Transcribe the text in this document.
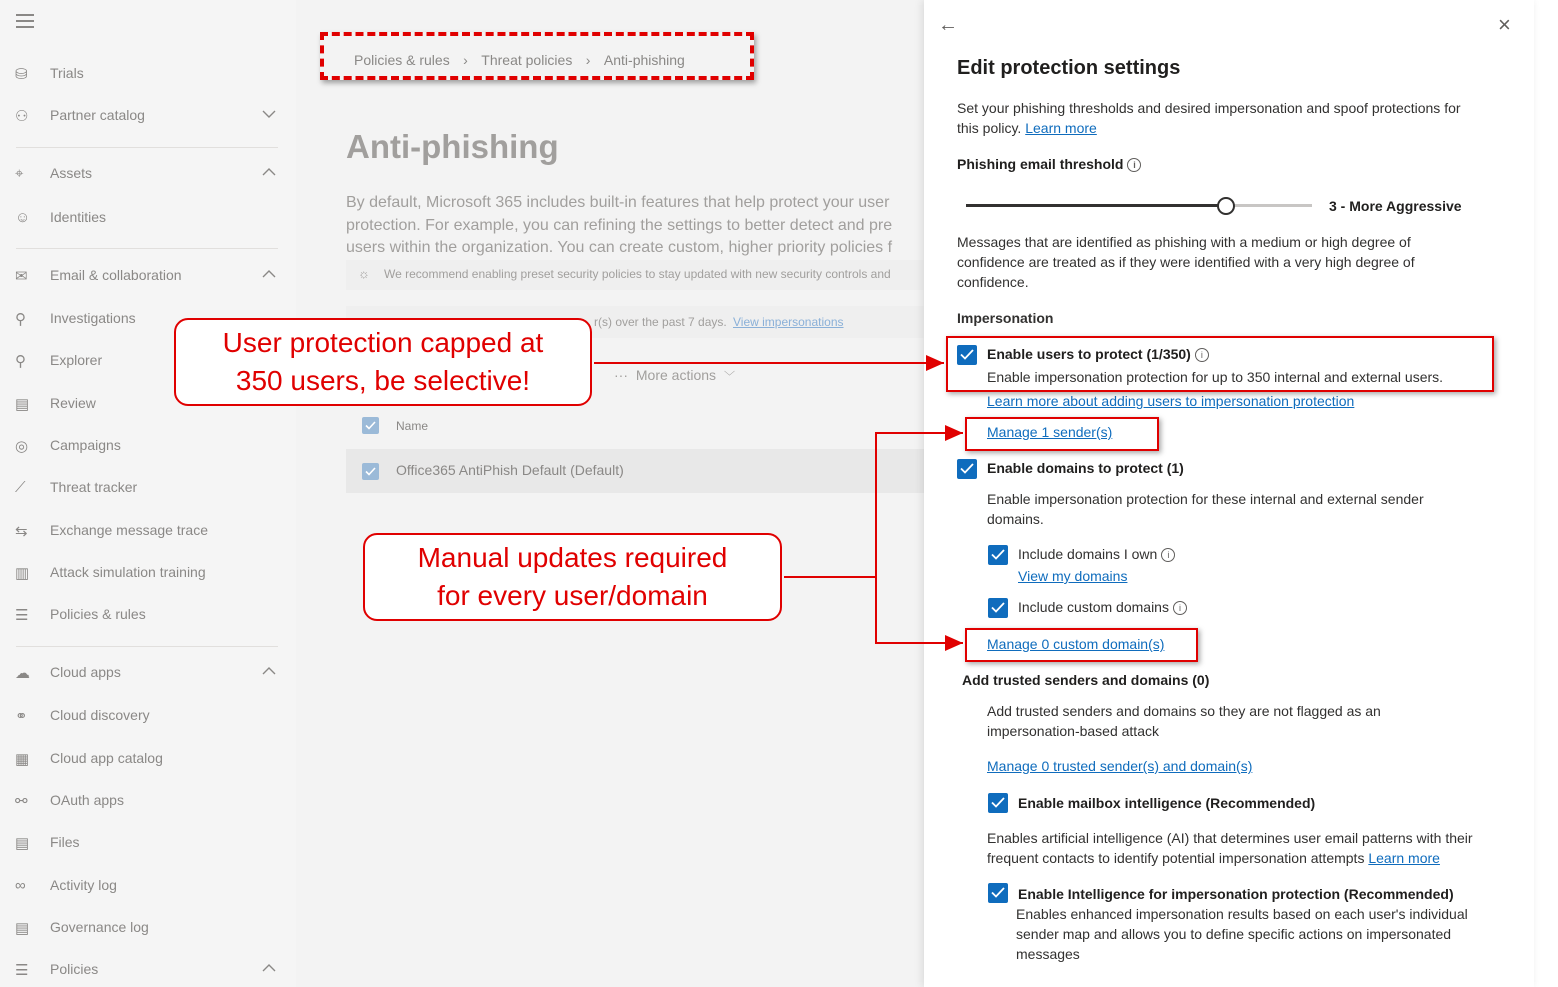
⛁	Trials
⚇	Partner catalog
⌖	Assets
☺	Identities
✉	Email & collaboration
⚲	Investigations
⚲	Explorer
▤	Review
◎	Campaigns
⟋	Threat tracker
⇆	Exchange message trace
▥	Attack simulation training
☰	Policies & rules
☁	Cloud apps
⚭	Cloud discovery
▦	Cloud app catalog
⚯	OAuth apps
▤	Files
∞	Activity log
▤	Governance log
☰	Policies
Policies & rules › Threat policies › Anti-phishing
Anti-phishing
By default, Microsoft 365 includes built-in features that help protect your user
protection. For example, you can refining the settings to better detect and pre
users within the organization. You can create custom, higher priority policies f
☼ We recommend enabling preset security policies to stay updated with new security controls and
r(s) over the past 7 days. View impersonations
··· More actions ﹀
Name
Office365 AntiPhish Default (Default)
←	×
Edit protection settings
Set your phishing thresholds and desired impersonation and spoof protections for
this policy. Learn more
Phishing email threshold i
3 - More Aggressive
Messages that are identified as phishing with a medium or high degree of
confidence are treated as if they were identified with a very high degree of
confidence.
Impersonation
Enable users to protect (1/350) i
Enable impersonation protection for up to 350 internal and external users.
Learn more about adding users to impersonation protection
Manage 1 sender(s)
Enable domains to protect (1)
Enable impersonation protection for these internal and external sender
domains.
Include domains I own i
View my domains
Include custom domains i
Manage 0 custom domain(s)
Add trusted senders and domains (0)
Add trusted senders and domains so they are not flagged as an
impersonation-based attack
Manage 0 trusted sender(s) and domain(s)
Enable mailbox intelligence (Recommended)
Enables artificial intelligence (AI) that determines user email patterns with their
frequent contacts to identify potential impersonation attempts Learn more
Enable Intelligence for impersonation protection (Recommended)
Enables enhanced impersonation results based on each user's individual
sender map and allows you to define specific actions on impersonated
messages
User protection capped at
350 users, be selective!
Manual updates required
for every user/domain
